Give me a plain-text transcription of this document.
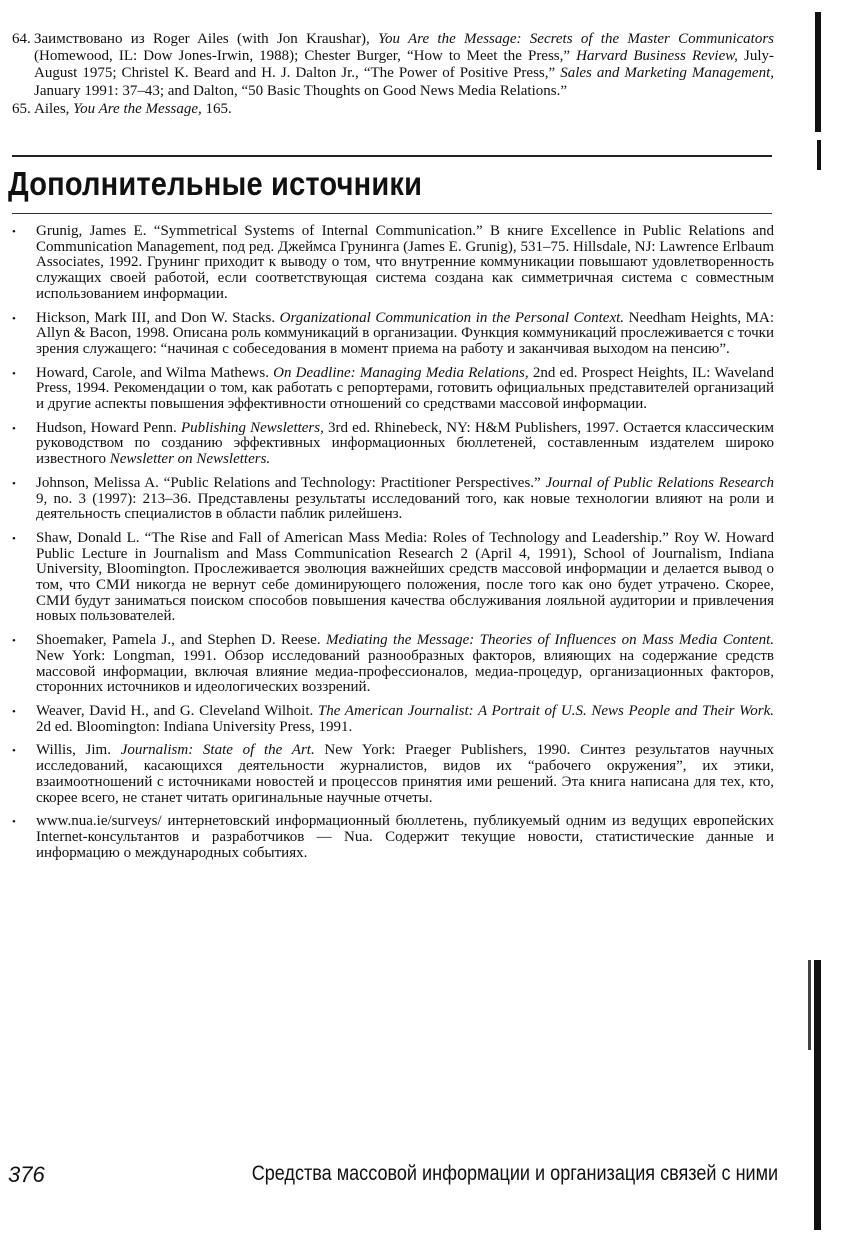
64. Заимствовано из Roger Ailes (with Jon Kraushar), You Are the Message: Secrets of the Master Communicators (Homewood, IL: Dow Jones-Irwin, 1988); Chester Burger, “How to Meet the Press,” Harvard Business Review, July-August 1975; Christel K. Beard and H. J. Dalton Jr., “The Power of Positive Press,” Sales and Marketing Management, January 1991: 37–43; and Dalton, “50 Basic Thoughts on Good News Media Relations.”

65. Ailes, You Are the Message, 165.

Дополнительные источники
• Grunig, James E. “Symmetrical Systems of Internal Communication.” В книге Excellence in Public Relations and Communication Management, под ред. Джеймса Грунинга (James E. Grunig), 531–75. Hillsdale, NJ: Lawrence Erlbaum Associates, 1992. Грунинг приходит к выводу о том, что внутренние коммуникации повышают удовлетворенность служащих своей работой, если соответствующая система создана как симметричная система с совместным использованием информации.
• Hickson, Mark III, and Don W. Stacks. Organizational Communication in the Personal Context. Needham Heights, MA: Allyn & Bacon, 1998. Описана роль коммуникаций в организации. Функция коммуникаций прослеживается с точки зрения служащего: “начиная с собеседования в момент приема на работу и заканчивая выходом на пенсию”.
• Howard, Carole, and Wilma Mathews. On Deadline: Managing Media Relations, 2nd ed. Prospect Heights, IL: Waveland Press, 1994. Рекомендации о том, как работать с репортерами, готовить официальных представителей организаций и другие аспекты повышения эффективности отношений со средствами массовой информации.
• Hudson, Howard Penn. Publishing Newsletters, 3rd ed. Rhinebeck, NY: H&M Publishers, 1997. Остается классическим руководством по созданию эффективных информационных бюллетеней, составленным издателем широко известного Newsletter on Newsletters.
• Johnson, Melissa A. “Public Relations and Technology: Practitioner Perspectives.” Journal of Public Relations Research 9, no. 3 (1997): 213–36. Представлены результаты исследований того, как новые технологии влияют на роли и деятельность специалистов в области паблик рилейшенз.
• Shaw, Donald L. “The Rise and Fall of American Mass Media: Roles of Technology and Leadership.” Roy W. Howard Public Lecture in Journalism and Mass Communication Research 2 (April 4, 1991), School of Journalism, Indiana University, Bloomington. Прослеживается эволюция важнейших средств массовой информации и делается вывод о том, что СМИ никогда не вернут себе доминирующего положения, после того как оно будет утрачено. Скорее, СМИ будут заниматься поиском способов повышения качества обслуживания лояльной аудитории и привлечения новых пользователей.
• Shoemaker, Pamela J., and Stephen D. Reese. Mediating the Message: Theories of Influences on Mass Media Content. New York: Longman, 1991. Обзор исследований разнообразных факторов, влияющих на содержание средств массовой информации, включая влияние медиа-профессионалов, медиа-процедур, организационных факторов, сторонних источников и идеологических воззрений.
• Weaver, David H., and G. Cleveland Wilhoit. The American Journalist: A Portrait of U.S. News People and Their Work. 2d ed. Bloomington: Indiana University Press, 1991.
• Willis, Jim. Journalism: State of the Art. New York: Praeger Publishers, 1990. Синтез результатов научных исследований, касающихся деятельности журналистов, видов их “рабочего окружения”, их этики, взаимоотношений с источниками новостей и процессов принятия ими решений. Эта книга написана для тех, кто, скорее всего, не станет читать оригинальные научные отчеты.
• www.nua.ie/surveys/ интернетовский информационный бюллетень, публикуемый одним из ведущих европейских Internet-консультантов и разработчиков — Nua. Содержит текущие новости, статистические данные и информацию о международных событиях.
376	Средства массовой информации и организация связей с ними
